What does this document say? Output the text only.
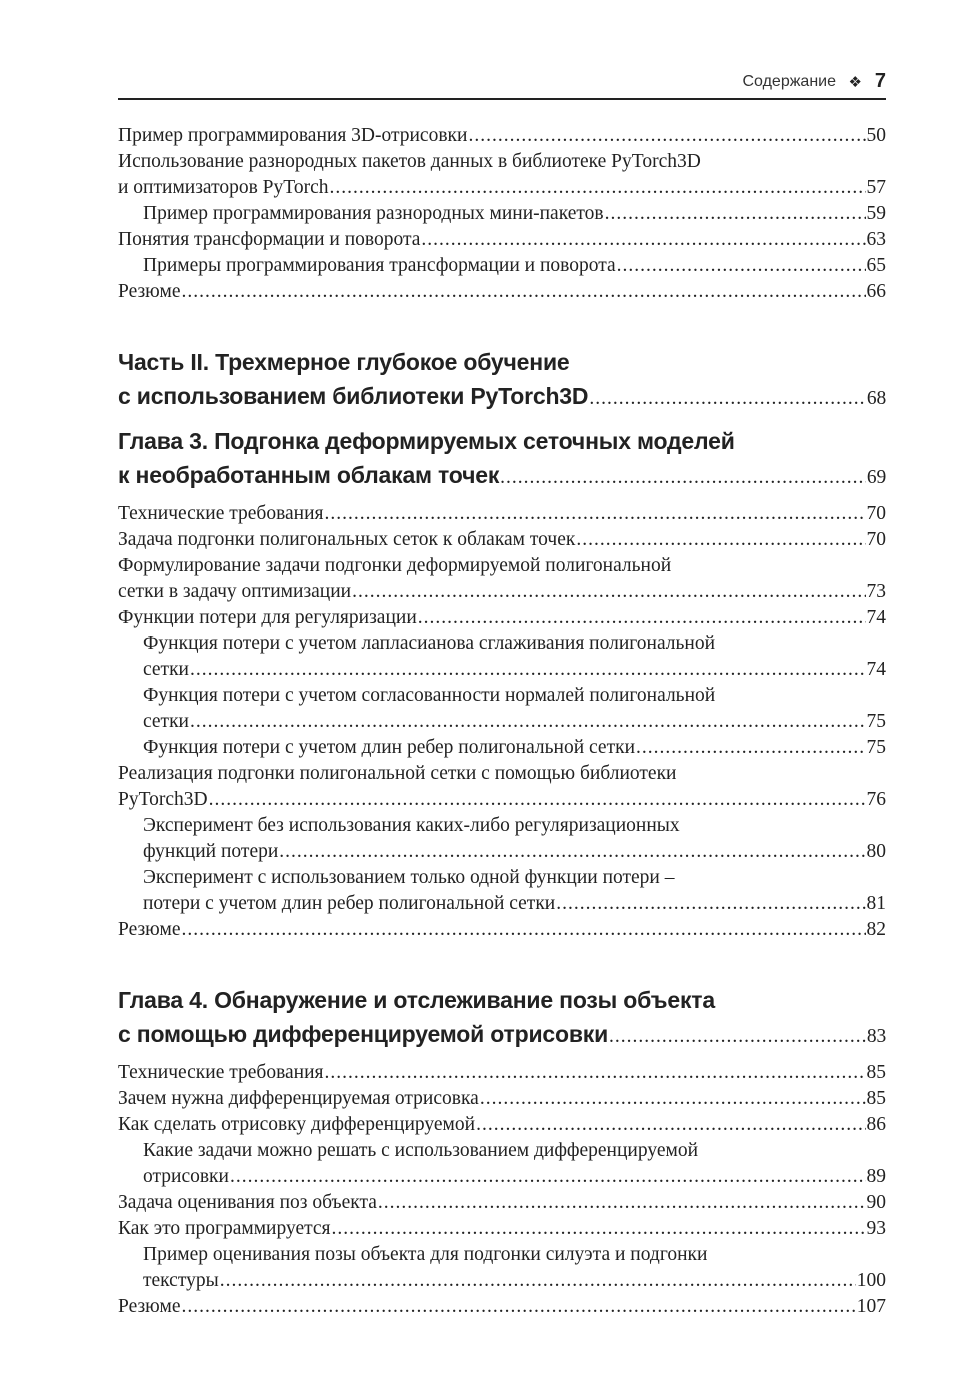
Содержание ❖ 7
Пример программирования 3D-отрисовки .....	50
Использование разнородных пакетов данных в библиотеке PyTorch3D
и оптимизаторов PyTorch .....	57
Пример программирования разнородных мини-пакетов .....	59
Понятия трансформации и поворота .....	63
Примеры программирования трансформации и поворота .....	65
Резюме .....	66
Часть II. Трехмерное глубокое обучение
с использованием библиотеки PyTorch3D .....	68
Глава 3. Подгонка деформируемых сеточных моделей
к необработанным облакам точек .....	69
Технические требования .....	70
Задача подгонки полигональных сеток к облакам точек .....	70
Формулирование задачи подгонки деформируемой полигональной
сетки в задачу оптимизации .....	73
Функции потери для регуляризации .....	74
Функция потери с учетом лапласианова сглаживания полигональной
сетки .....	74
Функция потери с учетом согласованности нормалей полигональной
сетки .....	75
Функция потери с учетом длин ребер полигональной сетки .....	75
Реализация подгонки полигональной сетки с помощью библиотеки
PyTorch3D .....	76
Эксперимент без использования каких-либо регуляризационных
функций потери .....	80
Эксперимент с использованием только одной функции потери –
потери с учетом длин ребер полигональной сетки .....	81
Резюме .....	82
Глава 4. Обнаружение и отслеживание позы объекта
с помощью дифференцируемой отрисовки .....	83
Технические требования .....	85
Зачем нужна дифференцируемая отрисовка .....	85
Как сделать отрисовку дифференцируемой .....	86
Какие задачи можно решать с использованием дифференцируемой
отрисовки .....	89
Задача оценивания поз объекта .....	90
Как это программируется .....	93
Пример оценивания позы объекта для подгонки силуэта и подгонки
текстуры .....	100
Резюме .....	107
